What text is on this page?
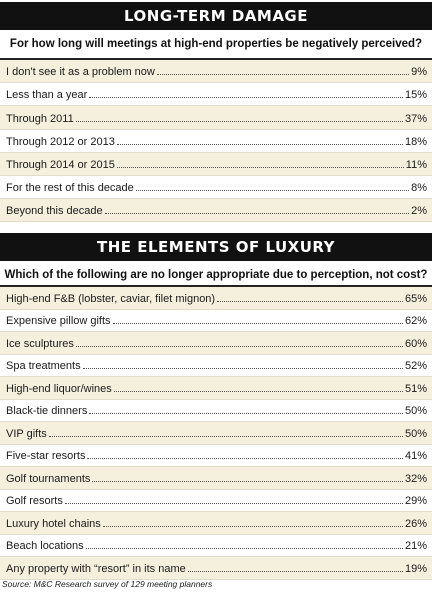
LONG-TERM DAMAGE
For how long will meetings at high-end properties be negatively perceived?
I don't see it as a problem now	9%
Less than a year	15%
Through 2011	37%
Through 2012 or 2013	18%
Through 2014 or 2015	11%
For the rest of this decade	8%
Beyond this decade	2%
THE ELEMENTS OF LUXURY
Which of the following are no longer appropriate due to perception, not cost?
High-end F&B (lobster, caviar, filet mignon)	65%
Expensive pillow gifts	62%
Ice sculptures	60%
Spa treatments	52%
High-end liquor/wines	51%
Black-tie dinners	50%
VIP gifts	50%
Five-star resorts	41%
Golf tournaments	32%
Golf resorts	29%
Luxury hotel chains	26%
Beach locations	21%
Any property with “resort” in its name	19%
Source: M&C Research survey of 129 meeting planners
